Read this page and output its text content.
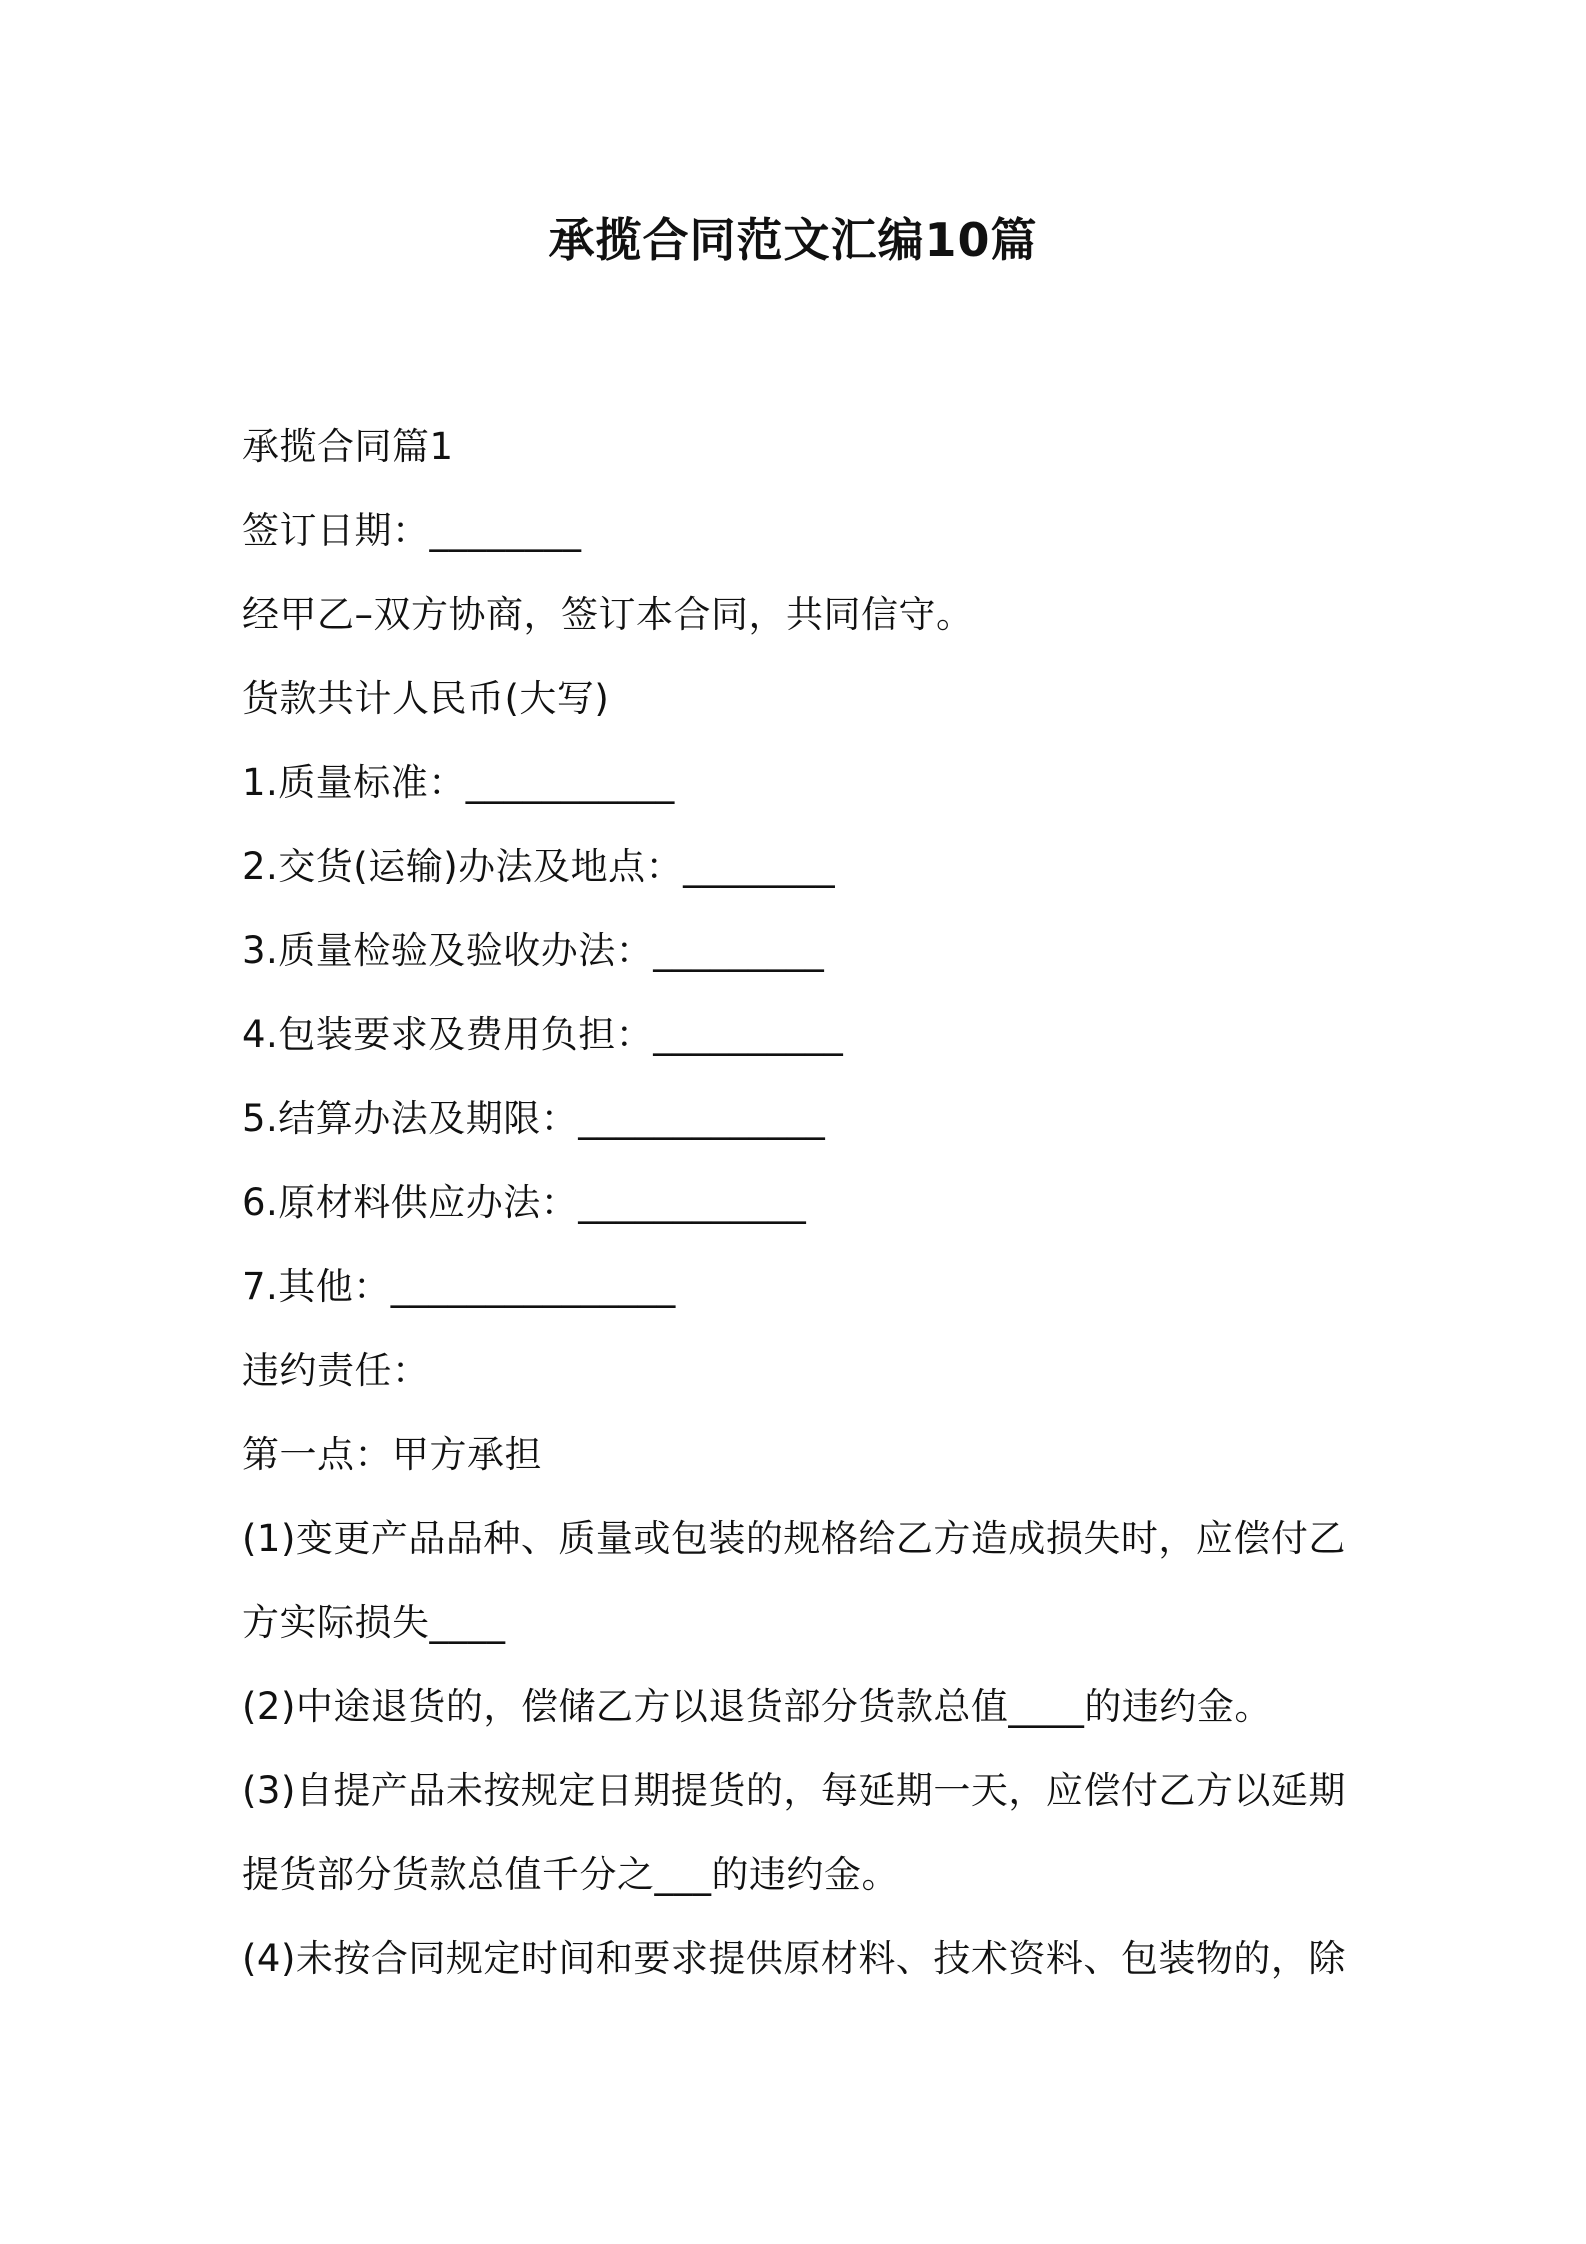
承揽合同范文汇编10篇

承揽合同篇1

签订日期：________

经甲乙–双方协商，签订本合同，共同信守。

货款共计人民币(大写)

1.质量标准：___________

2.交货(运输)办法及地点：________

3.质量检验及验收办法：_________

4.包装要求及费用负担：__________

5.结算办法及期限：_____________

6.原材料供应办法：____________

7.其他：_______________

违约责任：

第一点：甲方承担

(1)变更产品品种、质量或包装的规格给乙方造成损失时，应偿付乙方实际损失____

(2)中途退货的，偿储乙方以退货部分货款总值____的违约金。

(3)自提产品未按规定日期提货的，每延期一天，应偿付乙方以延期提货部分货款总值千分之___的违约金。

(4)未按合同规定时间和要求提供原材料、技术资料、包装物的，除
